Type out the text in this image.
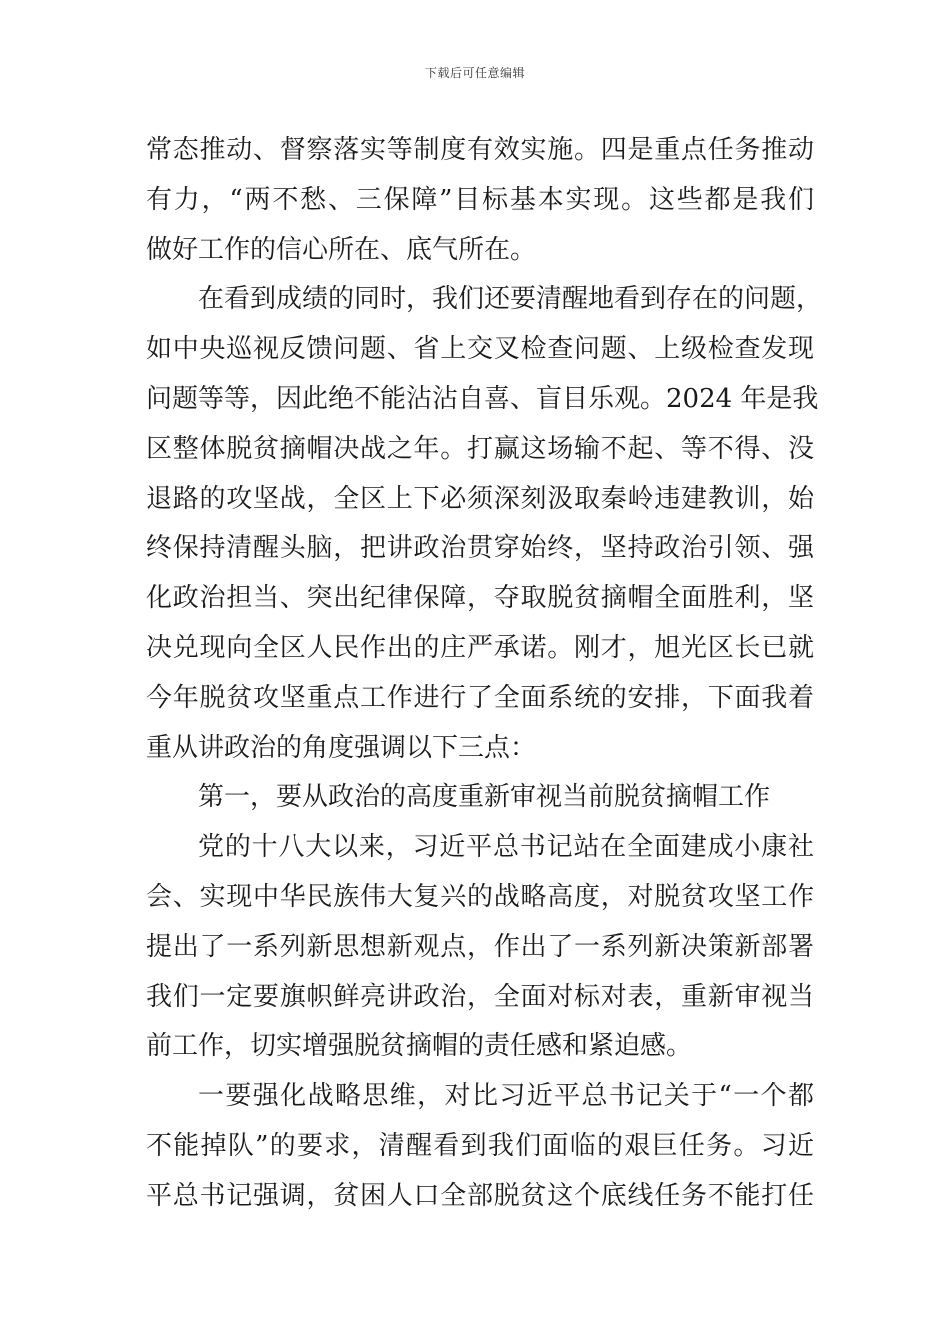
下载后可任意编辑
常态推动、督察落实等制度有效实施。四是重点任务推动
有力，“两不愁、三保障”目标基本实现。这些都是我们
做好工作的信心所在、底气所在。
在看到成绩的同时，我们还要清醒地看到存在的问题，
如中央巡视反馈问题、省上交叉检查问题、上级检查发现
问题等等，因此绝不能沾沾自喜、盲目乐观。2024 年是我
区整体脱贫摘帽决战之年。打赢这场输不起、等不得、没
退路的攻坚战，全区上下必须深刻汲取秦岭违建教训，始
终保持清醒头脑，把讲政治贯穿始终，坚持政治引领、强
化政治担当、突出纪律保障，夺取脱贫摘帽全面胜利，坚
决兑现向全区人民作出的庄严承诺。刚才，旭光区长已就
今年脱贫攻坚重点工作进行了全面系统的安排，下面我着
重从讲政治的角度强调以下三点：
第一，要从政治的高度重新审视当前脱贫摘帽工作
党的十八大以来，习近平总书记站在全面建成小康社
会、实现中华民族伟大复兴的战略高度，对脱贫攻坚工作
提出了一系列新思想新观点，作出了一系列新决策新部署
我们一定要旗帜鲜亮讲政治，全面对标对表，重新审视当
前工作，切实增强脱贫摘帽的责任感和紧迫感。
一要强化战略思维，对比习近平总书记关于“一个都
不能掉队”的要求，清醒看到我们面临的艰巨任务。习近
平总书记强调，贫困人口全部脱贫这个底线任务不能打任
